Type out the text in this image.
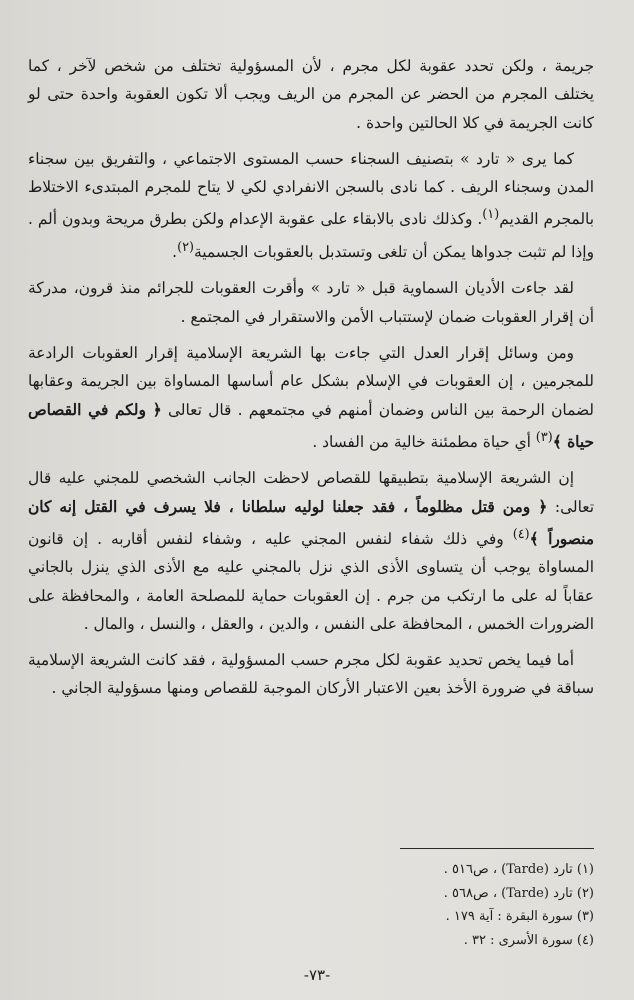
جريمة ، ولكن تحدد عقوبة لكل مجرم ، لأن المسؤولية تختلف من شخص لآخر ، كما يختلف المجرم من الحضر عن المجرم من الريف ويجب ألا تكون العقوبة واحدة حتى لو كانت الجريمة في كلا الحالتين واحدة .

كما يرى « تارد » بتصنيف السجناء حسب المستوى الاجتماعي ، والتفريق بين سجناء المدن وسجناء الريف . كما نادى بالسجن الانفرادي لكي لا يتاح للمجرم المبتدىء الاختلاط بالمجرم القديم$^{(١)}$. وكذلك نادى بالابقاء على عقوبة الإعدام ولكن بطرق مريحة وبدون ألم . وإذا لم تثبت جدواها يمكن أن تلغى وتستدبل بالعقوبات الجسمية$^{(٢)}$.

لقد جاءت الأديان السماوية قبل « تارد » وأقرت العقوبات للجرائم منذ قرون، مدركة أن إقرار العقوبات ضمان لإستتباب الأمن والاستقرار في المجتمع .

ومن وسائل إقرار العدل التي جاءت بها الشريعة الإسلامية إقرار العقوبات الرادعة للمجرمين ، إن العقوبات في الإسلام بشكل عام أساسها المساواة بين الجريمة وعقابها لضمان الرحمة بين الناس وضمان أمنهم في مجتمعهم . قال تعالى ﴿ ولكم في القصاص حياة ﴾$^{(٣)}$ أي حياة مطمئنة خالية من الفساد .

إن الشريعة الإسلامية بتطبيقها للقصاص لاحظت الجانب الشخصي للمجني عليه قال تعالى: ﴿ ومن قتل مظلوماً ، فقد جعلنا لوليه سلطانا ، فلا يسرف في القتل إنه كان منصوراً ﴾$^{(٤)}$ وفي ذلك شفاء لنفس المجني عليه ، وشفاء لنفس أقاربه . إن قانون المساواة يوجب أن يتساوى الأذى الذي نزل بالمجني عليه مع الأذى الذي ينزل بالجاني عقاباً له على ما ارتكب من جرم . إن العقوبات حماية للمصلحة العامة ، والمحافظة على الضرورات الخمس ، المحافظة على النفس ، والدين ، والعقل ، والنسل ، والمال .

أما فيما يخص تحديد عقوبة لكل مجرم حسب المسؤولية ، فقد كانت الشريعة الإسلامية سباقة في ضرورة الأخذ بعين الاعتبار الأركان الموجبة للقصاص ومنها مسؤولية الجاني .

(١) تارد (Tarde) ، ص٥١٦ .
(٢) تارد (Tarde) ، ص٥٦٨ .
(٣) سورة البقرة : آية ١٧٩ .
(٤) سورة الأسرى : ٣٢ .
-٧٣-
